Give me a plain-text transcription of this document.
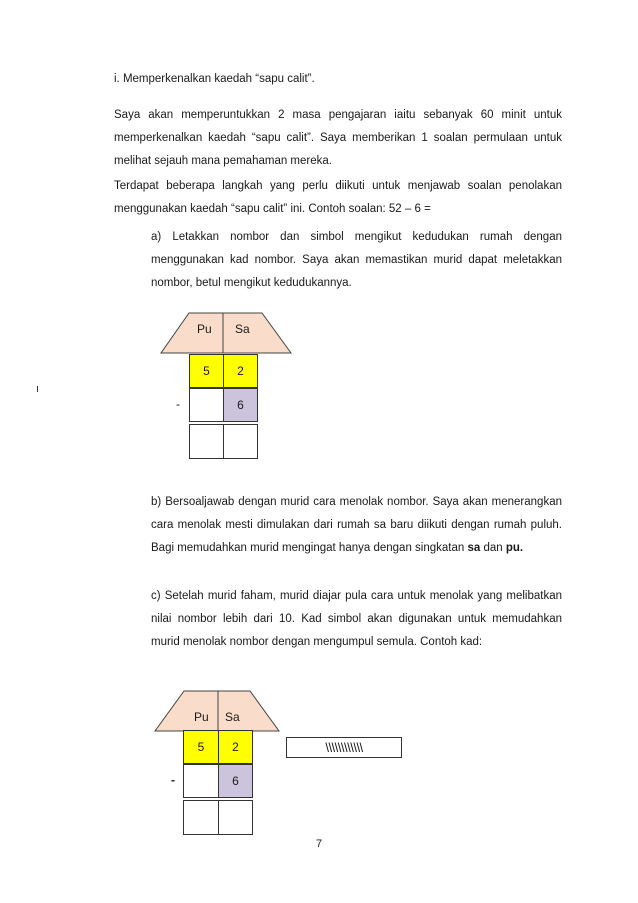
i. Memperkenalkan kaedah “sapu calit”.

Saya akan memperuntukkan 2 masa pengajaran iaitu sebanyak 60 minit untuk memperkenalkan kaedah “sapu calit”. Saya memberikan 1 soalan permulaan untuk melihat sejauh mana pemahaman mereka.

Terdapat beberapa langkah yang perlu diikuti untuk menjawab soalan penolakan menggunakan kaedah “sapu calit” ini. Contoh soalan: 52 – 6 =

a) Letakkan nombor dan simbol mengikut kedudukan rumah dengan menggunakan kad nombor. Saya akan memastikan murid dapat meletakkan nombor, betul mengikut kedudukannya.

Pu Sa
5	2
-	6

b) Bersoaljawab dengan murid cara menolak nombor. Saya akan menerangkan cara menolak mesti dimulakan dari rumah sa baru diikuti dengan rumah puluh. Bagi memudahkan murid mengingat hanya dengan singkatan sa dan pu.

c) Setelah murid faham, murid diajar pula cara untuk menolak yang melibatkan nilai nombor lebih dari 10. Kad simbol akan digunakan untuk memudahkan murid menolak nombor dengan mengumpul semula. Contoh kad:

Pu Sa
5	2
-	6
\\\\\\\\\\\\
7
